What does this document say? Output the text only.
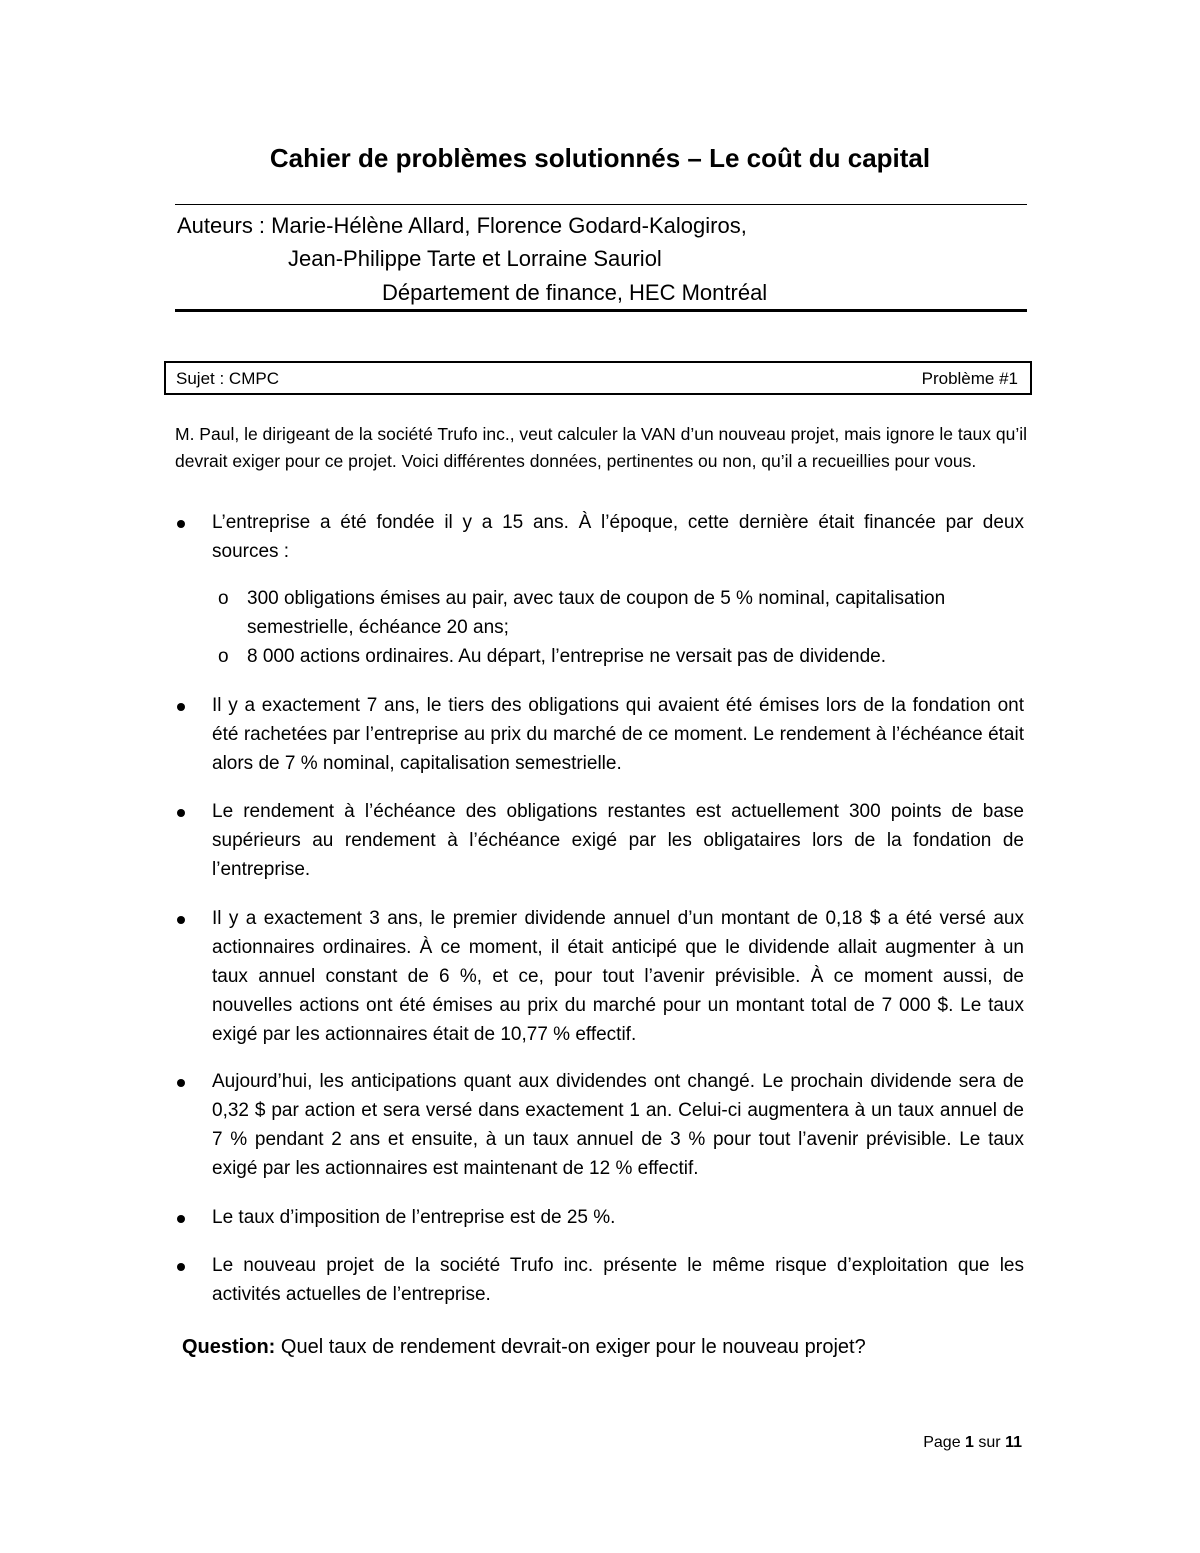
Cahier de problèmes solutionnés – Le coût du capital
Auteurs : Marie-Hélène Allard, Florence Godard-Kalogiros,
Jean-Philippe Tarte et Lorraine Sauriol
Département de finance, HEC Montréal
Sujet : CMPC	Problème #1
M. Paul, le dirigeant de la société Trufo inc., veut calculer la VAN d’un nouveau projet, mais ignore le taux qu’il devrait exiger pour ce projet. Voici différentes données, pertinentes ou non, qu’il a recueillies pour vous.
L’entreprise a été fondée il y a 15 ans. À l’époque, cette dernière était financée par deux sources :
o 300 obligations émises au pair, avec taux de coupon de 5 % nominal, capitalisation semestrielle, échéance 20 ans;
o 8 000 actions ordinaires. Au départ, l’entreprise ne versait pas de dividende.
Il y a exactement 7 ans, le tiers des obligations qui avaient été émises lors de la fondation ont été rachetées par l’entreprise au prix du marché de ce moment. Le rendement à l’échéance était alors de 7 % nominal, capitalisation semestrielle.
Le rendement à l’échéance des obligations restantes est actuellement 300 points de base supérieurs au rendement à l’échéance exigé par les obligataires lors de la fondation de l’entreprise.
Il y a exactement 3 ans, le premier dividende annuel d’un montant de 0,18 $ a été versé aux actionnaires ordinaires. À ce moment, il était anticipé que le dividende allait augmenter à un taux annuel constant de 6 %, et ce, pour tout l’avenir prévisible. À ce moment aussi, de nouvelles actions ont été émises au prix du marché pour un montant total de 7 000 $. Le taux exigé par les actionnaires était de 10,77 % effectif.
Aujourd’hui, les anticipations quant aux dividendes ont changé. Le prochain dividende sera de 0,32 $ par action et sera versé dans exactement 1 an. Celui-ci augmentera à un taux annuel de 7 % pendant 2 ans et ensuite, à un taux annuel de 3 % pour tout l’avenir prévisible. Le taux exigé par les actionnaires est maintenant de 12 % effectif.
Le taux d’imposition de l’entreprise est de 25 %.
Le nouveau projet de la société Trufo inc. présente le même risque d’exploitation que les activités actuelles de l’entreprise.
Question: Quel taux de rendement devrait-on exiger pour le nouveau projet?
Page 1 sur 11
